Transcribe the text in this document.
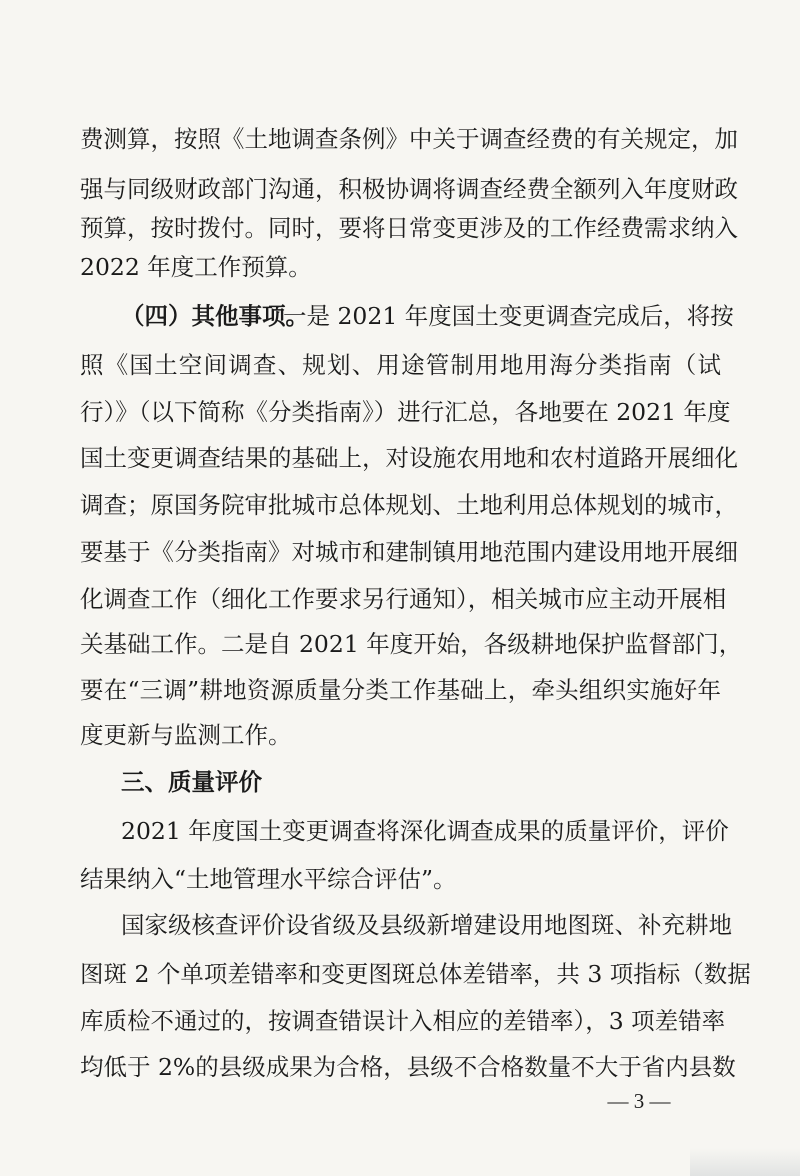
费测算，按照《土地调查条例》中关于调查经费的有关规定，加
强与同级财政部门沟通，积极协调将调查经费全额列入年度财政
预算，按时拨付。同时，要将日常变更涉及的工作经费需求纳入
2022 年度工作预算。
（四）其他事项。
一是 2021 年度国土变更调查完成后，将按
照《国土空间调查、规划、用途管制用地用海分类指南（试
行）》（以下简称《分类指南》）进行汇总，各地要在 2021 年度
国土变更调查结果的基础上，对设施农用地和农村道路开展细化
调查；原国务院审批城市总体规划、土地利用总体规划的城市，
要基于《分类指南》对城市和建制镇用地范围内建设用地开展细
化调查工作（细化工作要求另行通知），相关城市应主动开展相
关基础工作。二是自 2021 年度开始，各级耕地保护监督部门，
要在“三调”耕地资源质量分类工作基础上，牵头组织实施好年
度更新与监测工作。
三、质量评价
2021 年度国土变更调查将深化调查成果的质量评价，评价
结果纳入“土地管理水平综合评估”。
国家级核查评价设省级及县级新增建设用地图斑、补充耕地
图斑 2 个单项差错率和变更图斑总体差错率，共 3 项指标（数据
库质检不通过的，按调查错误计入相应的差错率），3 项差错率
均低于 2%的县级成果为合格，县级不合格数量不大于省内县数
— 3 —
